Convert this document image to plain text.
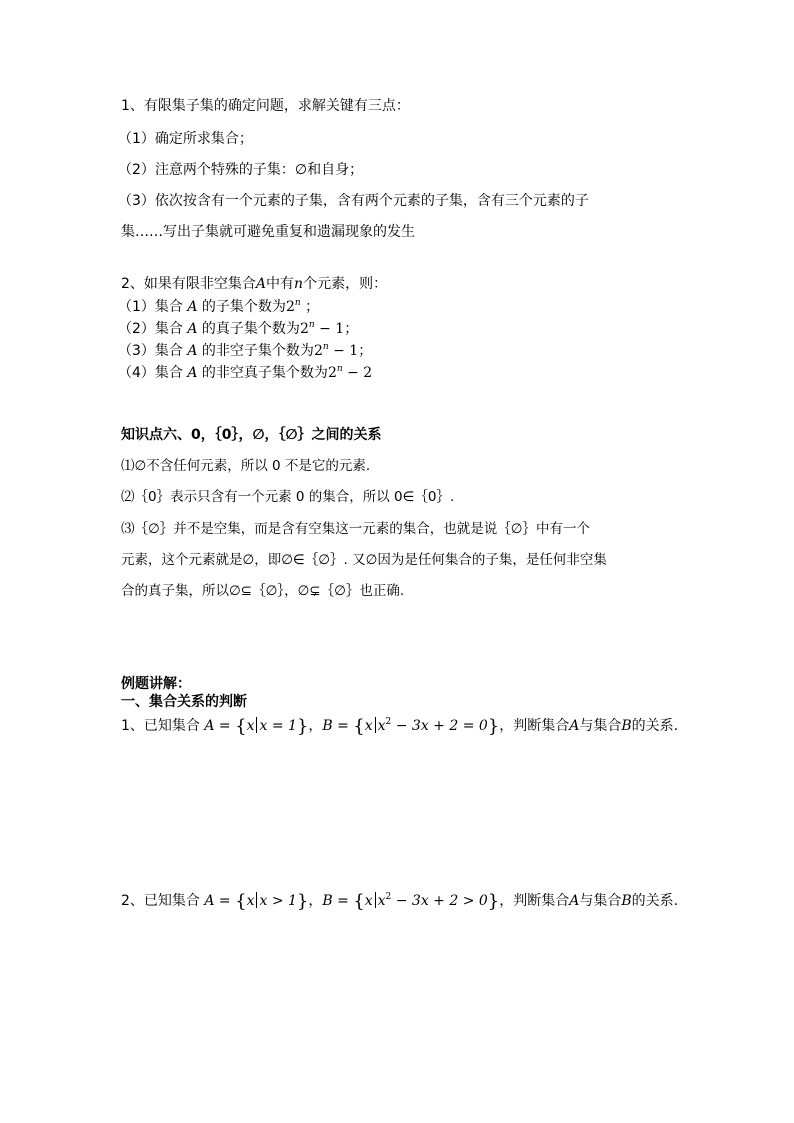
1、有限集子集的确定问题，求解关键有三点：
（1）确定所求集合；
（2）注意两个特殊的子集：∅和自身；
（3）依次按含有一个元素的子集，含有两个元素的子集，含有三个元素的子
集……写出子集就可避免重复和遗漏现象的发生
2、如果有限非空集合A中有n个元素，则：
（1）集合 A 的子集个数为2$^n$ ；
（2）集合 A 的真子集个数为$2^n - 1$；
（3）集合 A 的非空子集个数为$2^n - 1$；
（4）集合 A 的非空真子集个数为$2^n - 2$
知识点六、0，｛0｝，∅，｛∅｝之间的关系
⑴∅不含任何元素，所以 0 不是它的元素.
⑵｛0｝表示只含有一个元素 0 的集合，所以 0∈｛0｝.
⑶｛∅｝并不是空集，而是含有空集这一元素的集合，也就是说｛∅｝中有一个
元素，这个元素就是∅，即∅∈｛∅｝. 又∅因为是任何集合的子集，是任何非空集
合的真子集，所以∅⊆｛∅｝，∅⊊｛∅｝也正确.
例题讲解：
一、集合关系的判断
1、已知集合 A = {x x = 1}，B = {x $x^2 - 3x + 2 = 0$}，判断集合A与集合B的关系.
2、已知集合 A = {x x > 1}，B = {x $x^2 - 3x + 2 > 0$}，判断集合A与集合B的关系.
